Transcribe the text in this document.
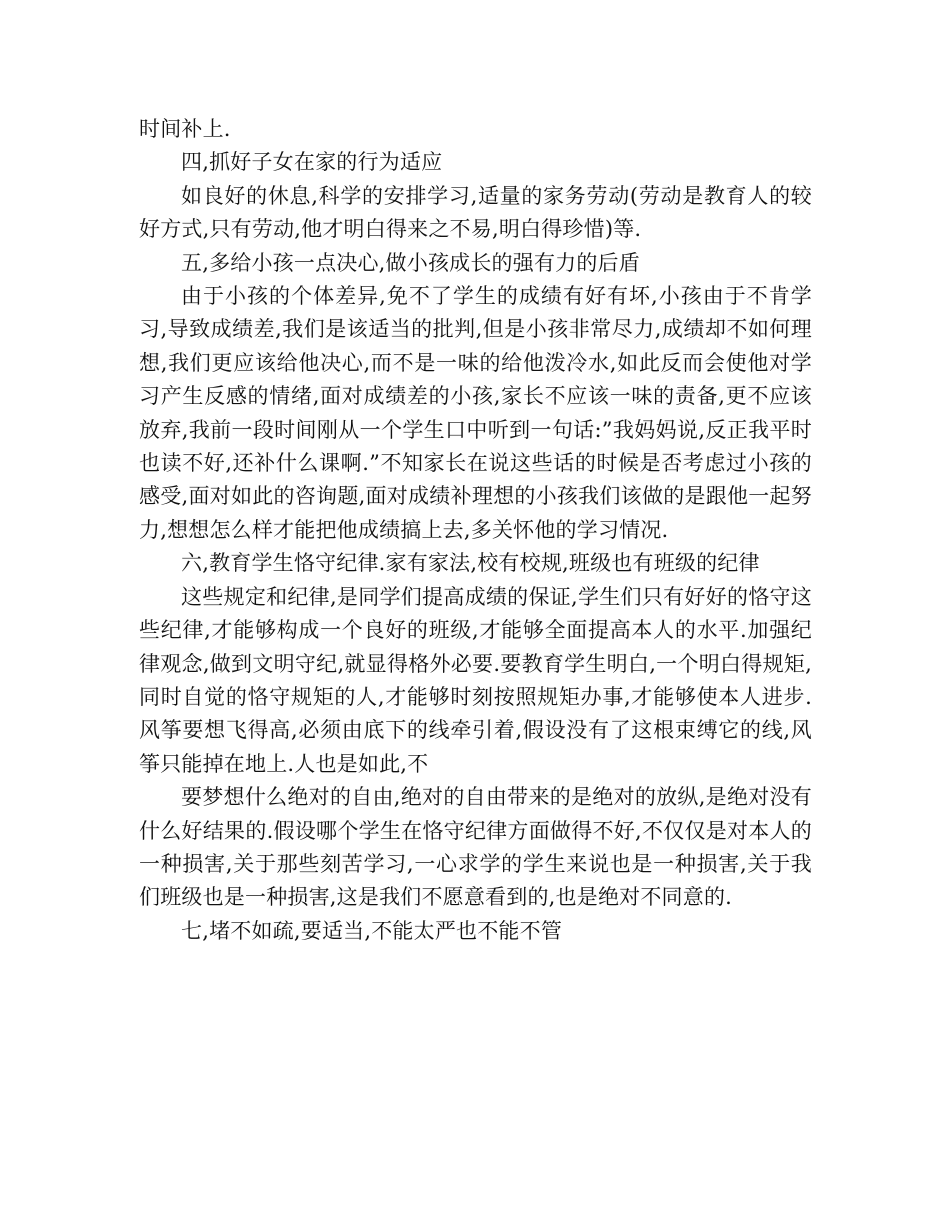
时间补上.

四,抓好子女在家的行为适应

如良好的休息,科学的安排学习,适量的家务劳动(劳动是教育人的较好方式,只有劳动,他才明白得来之不易,明白得珍惜)等.

五,多给小孩一点决心,做小孩成长的强有力的后盾

由于小孩的个体差异,免不了学生的成绩有好有坏,小孩由于不肯学习,导致成绩差,我们是该适当的批判,但是小孩非常尽力,成绩却不如何理想,我们更应该给他决心,而不是一味的给他泼冷水,如此反而会使他对学习产生反感的情绪,面对成绩差的小孩,家长不应该一味的责备,更不应该放弃,我前一段时间刚从一个学生口中听到一句话:”我妈妈说,反正我平时也读不好,还补什么课啊.”不知家长在说这些话的时候是否考虑过小孩的感受,面对如此的咨询题,面对成绩补理想的小孩我们该做的是跟他一起努力,想想怎么样才能把他成绩搞上去,多关怀他的学习情况.

六,教育学生恪守纪律.家有家法,校有校规,班级也有班级的纪律

这些规定和纪律,是同学们提高成绩的保证,学生们只有好好的恪守这些纪律,才能够构成一个良好的班级,才能够全面提高本人的水平.加强纪律观念,做到文明守纪,就显得格外必要.要教育学生明白,一个明白得规矩,同时自觉的恪守规矩的人,才能够时刻按照规矩办事,才能够使本人进步.风筝要想飞得高,必须由底下的线牵引着,假设没有了这根束缚它的线,风筝只能掉在地上.人也是如此,不

要梦想什么绝对的自由,绝对的自由带来的是绝对的放纵,是绝对没有什么好结果的.假设哪个学生在恪守纪律方面做得不好,不仅仅是对本人的一种损害,关于那些刻苦学习,一心求学的学生来说也是一种损害,关于我们班级也是一种损害,这是我们不愿意看到的,也是绝对不同意的.

七,堵不如疏,要适当,不能太严也不能不管
